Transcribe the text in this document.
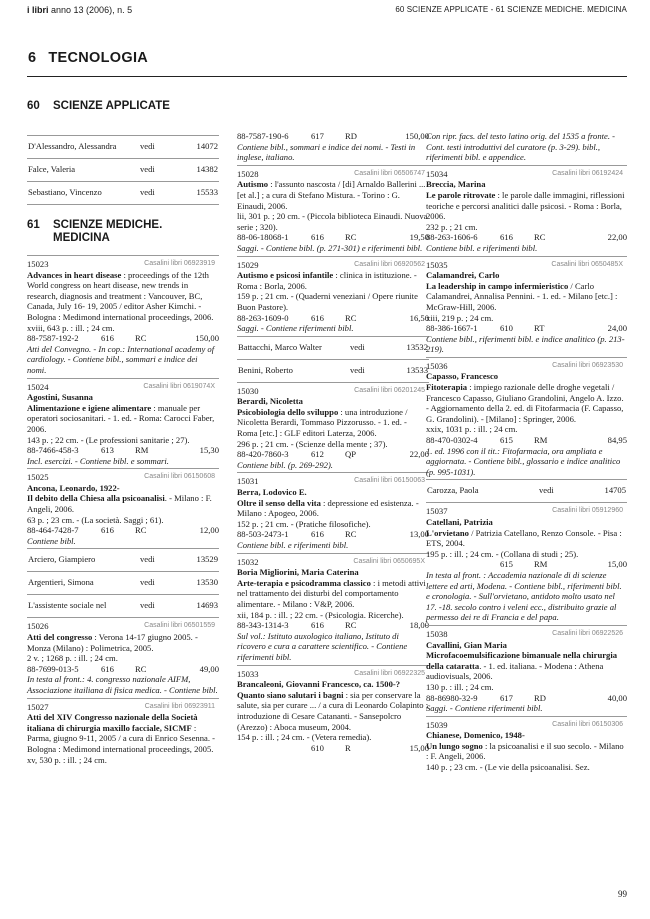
i libri anno 13 (2006), n. 5	60 SCIENZE APPLICATE - 61 SCIENZE MEDICHE. MEDICINA
6 TECNOLOGIA
60 SCIENZE APPLICATE
D'Alessandro, Alessandra	vedi	14072
Falce, Valeria	vedi	14382
Sebastiano, Vincenzo	vedi	15533
61 SCIENZE MEDICHE.
MEDICINA
15023	Casalini libri 06923919
Advances in heart disease : proceedings of the 12th World congress on heart disease, new trends in research, diagnosis and treatment : Vancouver, BC, Canada, July 16- 19, 2005 / editor Asher Kimchi. - Bologna : Medimond international proceedings, 2006.
xviii, 643 p. : ill. ; 24 cm.
88-7587-192-2	616	RC	150,00
Atti del Convegno. - In cop.: International academy of cardiology. - Contiene bibl., sommari e indice dei nomi.
15024	Casalini libri 0619074X
Agostini, Susanna
Alimentazione e igiene alimentare : manuale per operatori sociosanitari. - 1. ed. - Roma: Carocci Faber, 2006.
143 p. ; 22 cm. - (Le professioni sanitarie ; 27).
88-7466-458-3	613	RM	15,30
Incl. esercizi. - Contiene bibl. e sommari.
15025	Casalini libri 06150608
Ancona, Leonardo, 1922-
Il debito della Chiesa alla psicoanalisi. - Milano : F. Angeli, 2006.
63 p. ; 23 cm. - (La società. Saggi ; 61).
88-464-7428-7	616	RC	12,00
Contiene bibl.
Arciero, Giampiero	vedi	13529
Argentieri, Simona	vedi	13530
L'assistente sociale nel	vedi	14693
15026	Casalini libri 06501559
Atti del congresso : Verona 14-17 giugno 2005. - Monza (Milano) : Polimetrica, 2005.
2 v. ; 1268 p. : ill. ; 24 cm.
88-7699-013-5	616	RC	49,00
In testa al front.: 4. congresso nazionale AIFM, Associazione itailiana di fisica medica. - Contiene bibl.
15027	Casalini libri 06923911
Atti del XIV Congresso nazionale della Società italiana di chirurgia maxillo facciale, SICMF : Parma, giugno 9-11, 2005 / a cura di Enrico Sesenna. - Bologna : Medimond international proceedings, 2005.
xv, 530 p. : ill. ; 24 cm.
88-7587-190-6	617	RD	150,00
Contiene bibl., sommari e indice dei nomi. - Testi in inglese, italiano.
15028	Casalini libri 06506747
Autismo : l'assunto nascosta / [di] Arnaldo Ballerini ... [et al.] ; a cura di Stefano Mistura. - Torino : G. Einaudi, 2006.
lii, 301 p. ; 20 cm. - (Piccola biblioteca Einaudi. Nuova serie ; 320).
88-06-18068-1	616	RC	19,50
Saggi. - Contiene bibl. (p. 271-301) e riferimenti bibl.
15029	Casalini libri 06920562
Autismo e psicosi infantile : clinica in istituzione. - Roma : Borla, 2006.
159 p. ; 21 cm. - (Quaderni veneziani / Opere riunite Buon Pastore).
88-263-1609-0	616	RC	16,50
Saggi. - Contiene riferimenti bibl.
Battacchi, Marco Walter	vedi	13532
Benini, Roberto	vedi	13533
15030	Casalini libri 06201245
Berardi, Nicoletta
Psicobiologia dello sviluppo : una introduzione / Nicoletta Berardi, Tommaso Pizzorusso. - 1. ed. - Roma [etc.] : GLF editori Laterza, 2006.
296 p. ; 21 cm. - (Scienze della mente ; 37).
88-420-7860-3	612	QP	22,00
Contiene bibl. (p. 269-292).
15031	Casalini libri 06150063
Berra, Lodovico E.
Oltre il senso della vita : depressione ed esistenza. - Milano : Apogeo, 2006.
152 p. ; 21 cm. - (Pratiche filosofiche).
88-503-2473-1	616	RC	13,00
Contiene bibl. e riferimenti bibl.
15032	Casalini libri 0650695X
Boria Migliorini, Maria Caterina
Arte-terapia e psicodramma classico : i metodi attivi nel trattamento dei disturbi del comportamento alimentare. - Milano : V&P, 2006.
xii, 184 p. : ill. ; 22 cm. - (Psicologia. Ricerche).
88-343-1314-3	616	RC	18,00
Sul vol.: Istituto auxologico italiano, Istituto di ricovero e cura a carattere scientifico. - Contiene riferimenti bibl.
15033	Casalini libri 06922325
Brancaleoni, Giovanni Francesco, ca. 1500-?
Quanto siano salutari i bagni : sia per conservare la salute, sia per curare ... / a cura di Leonardo Colapinto ; introduzione di Cesare Catananti. - Sansepolcro (Arezzo) : Aboca museum, 2004.
154 p. : ill. ; 24 cm. - (Vetera remedia).
610	R	15,00
Con ripr. facs. del testo latino orig. del 1535 a fronte. - Cont. testi introduttivi del curatore (p. 3-29). bibl., riferimenti bibl. e appendice.
15034	Casalini libri 06192424
Breccia, Marina
Le parole ritrovate : le parole dalle immagini, riflessioni teoriche e percorsi analitici dalle psicosi. - Roma : Borla, 2006.
232 p. ; 21 cm.
88-263-1606-6	616	RC	22,00
Contiene bibl. e riferimenti bibl.
15035	Casalini libri 0650485X
Calamandrei, Carlo
La leadership in campo infermieristico / Carlo Calamandrei, Annalisa Pennini. - 1. ed. - Milano [etc.] : McGraw-Hill, 2006.
xiii, 219 p. ; 24 cm.
88-386-1667-1	610	RT	24,00
Contiene bibl., riferimenti bibl. e indice analitico (p. 213-219).
15036	Casalini libri 06923530
Capasso, Francesco
Fitoterapia : impiego razionale delle droghe vegetali / Francesco Capasso, Giuliano Grandolini, Angelo A. Izzo. - Aggiornamento della 2. ed. di Fitofarmacia (F. Capasso, G. Grandolini). - [Milano] : Springer, 2006.
xxix, 1031 p. : ill. ; 24 cm.
88-470-0302-4	615	RM	84,95
1. ed. 1996 con il tit.: Fitofarmacia, ora ampliata e aggiornata. - Contiene bibl., glossario e indice analitico (p. 995-1031).
Carozza, Paola	vedi	14705
15037	Casalini libri 05912960
Catellani, Patrizia
L'orvietano / Patrizia Catellano, Renzo Console. - Pisa : ETS, 2004.
195 p. : ill. ; 24 cm. - (Collana di studi ; 25).
615	RM	15,00
In testa al front. : Accademia nazionale di di scienze lettere ed arti, Modena. - Contiene bibl., riferimenti bibl. e cronologia. - Sull'orvietano, antidoto molto usato nel 17. -18. secolo contro i veleni ecc., distribuito grazie al permesso dei re di Francia e del papa.
15038	Casalini libri 06922526
Cavallini, Gian Maria
Microfacoemulsificazione bimanuale nella chirurgia della cataratta. - 1. ed. italiana. - Modena : Athena audiovisuals, 2006.
130 p. : ill. ; 24 cm.
88-86980-32-9	617	RD	40,00
Saggi. - Contiene riferimenti bibl.
15039	Casalini libri 06150306
Chianese, Domenico, 1948-
Un lungo sogno : la psicoanalisi e il suo secolo. - Milano : F. Angeli, 2006.
140 p. ; 23 cm. - (Le vie della psicoanalisi. Sez.
99
